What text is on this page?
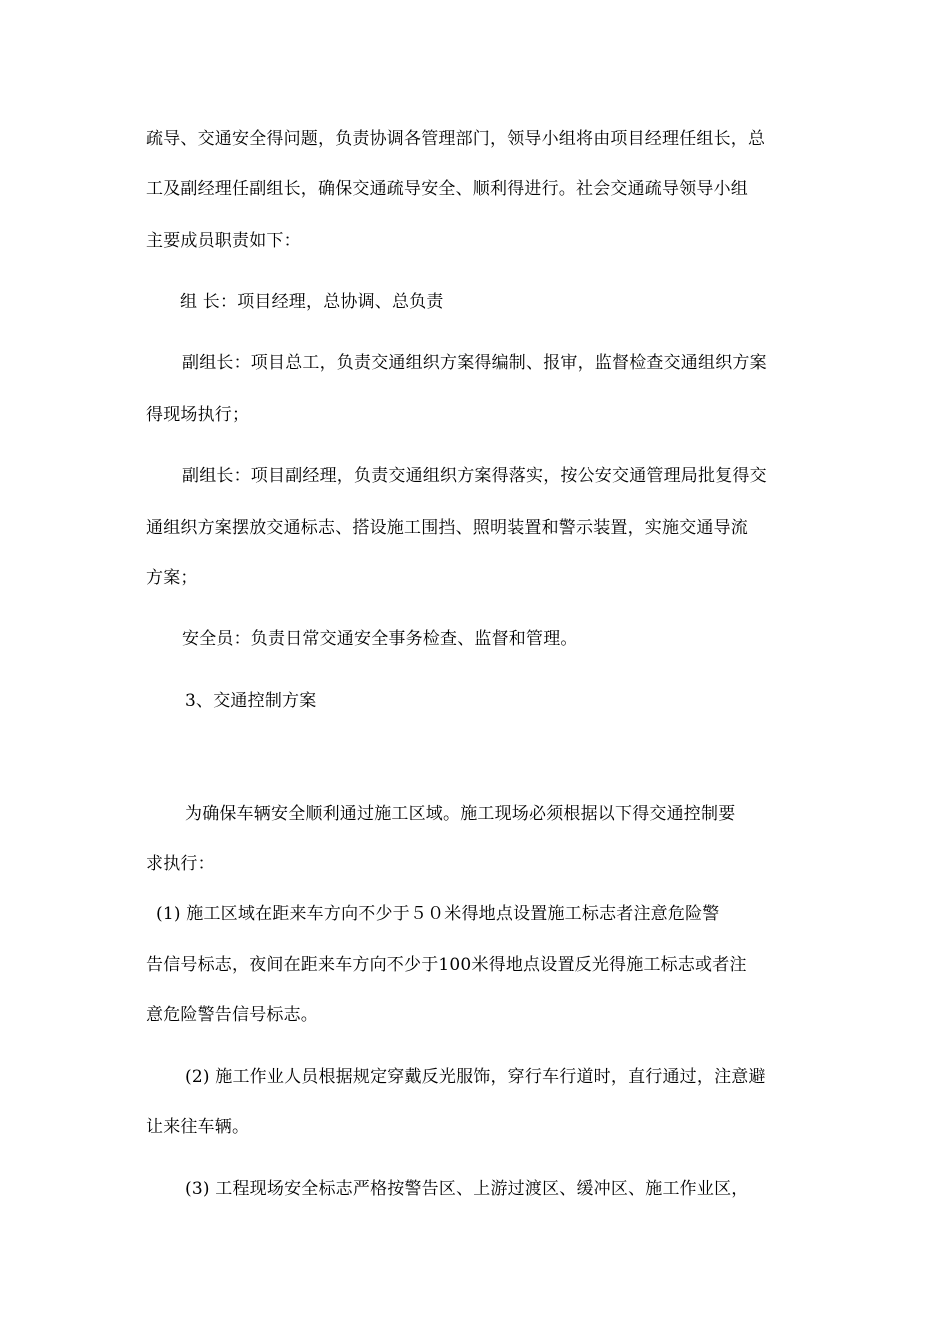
疏导、交通安全得问题，负责协调各管理部门，领导小组将由项目经理任组长，总
工及副经理任副组长，确保交通疏导安全、顺利得进行。社会交通疏导领导小组
主要成员职责如下：
组 长：项目经理，总协调、总负责
副组长：项目总工，负责交通组织方案得编制、报审，监督检查交通组织方案
得现场执行；
副组长：项目副经理，负责交通组织方案得落实，按公安交通管理局批复得交
通组织方案摆放交通标志、搭设施工围挡、照明装置和警示装置，实施交通导流
方案；
安全员：负责日常交通安全事务检查、监督和管理。
3、交通控制方案
为确保车辆安全顺利通过施工区域。施工现场必须根据以下得交通控制要
求执行：
(1) 施工区域在距来车方向不少于５０米得地点设置施工标志者注意危险警
告信号标志，夜间在距来车方向不少于100米得地点设置反光得施工标志或者注
意危险警告信号标志。
(2) 施工作业人员根据规定穿戴反光服饰，穿行车行道时，直行通过，注意避
让来往车辆。
(3) 工程现场安全标志严格按警告区、上游过渡区、缓冲区、施工作业区，
